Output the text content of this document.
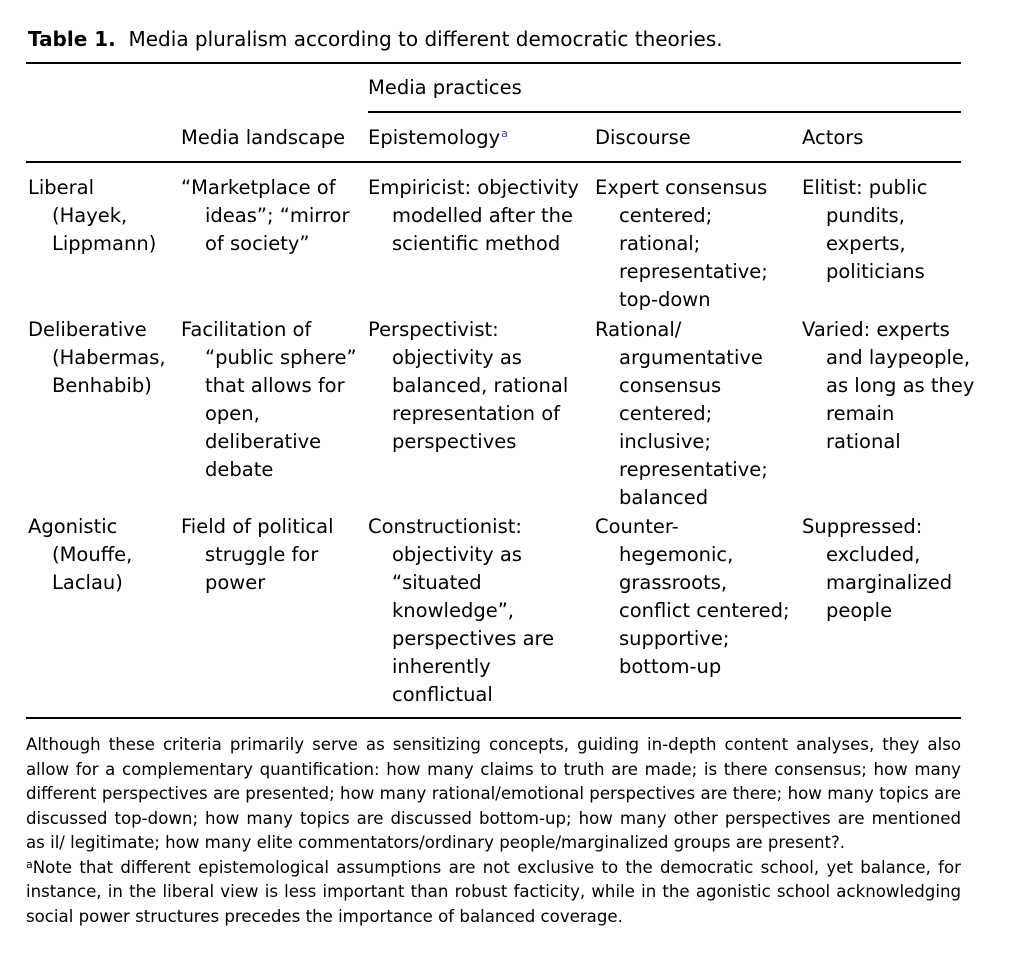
Table 1. Media pluralism according to different democratic theories.
Media practices
Media landscape Epistemology$^a$	Discourse	Actors
Liberal
(Hayek,
Lippmann)
“Marketplace of
ideas”; “mirror
of society”
Empiricist: objectivity
modelled after the
scientific method
Expert consensus
centered;
rational;
representative;
top-down
Elitist: public
pundits,
experts,
politicians
Deliberative
(Habermas,
Benhabib)
Facilitation of
“public sphere”
that allows for
open,
deliberative
debate
Perspectivist:
objectivity as
balanced, rational
representation of
perspectives
Rational/
argumentative
consensus
centered;
inclusive;
representative;
balanced
Varied: experts
and laypeople,
as long as they
remain
rational
Agonistic
(Mouffe,
Laclau)
Field of political
struggle for
power
Constructionist:
objectivity as
“situated
knowledge”,
perspectives are
inherently
conflictual
Counter-
hegemonic,
grassroots,
conflict centered;
supportive;
bottom-up
Suppressed:
excluded,
marginalized
people
Although these criteria primarily serve as sensitizing concepts, guiding in-depth content analyses, they also allow for a complementary quantification: how many claims to truth are made; is there consensus; how many different perspectives are presented; how many rational/emotional perspectives are there; how many topics are discussed top-down; how many topics are discussed bottom-up; how many other perspectives are mentioned as il/ legitimate; how many elite commentators/ordinary people/marginalized groups are present?.
$^a$Note that different epistemological assumptions are not exclusive to the democratic school, yet balance, for instance, in the liberal view is less important than robust facticity, while in the agonistic school acknowledging social power structures precedes the importance of balanced coverage.
